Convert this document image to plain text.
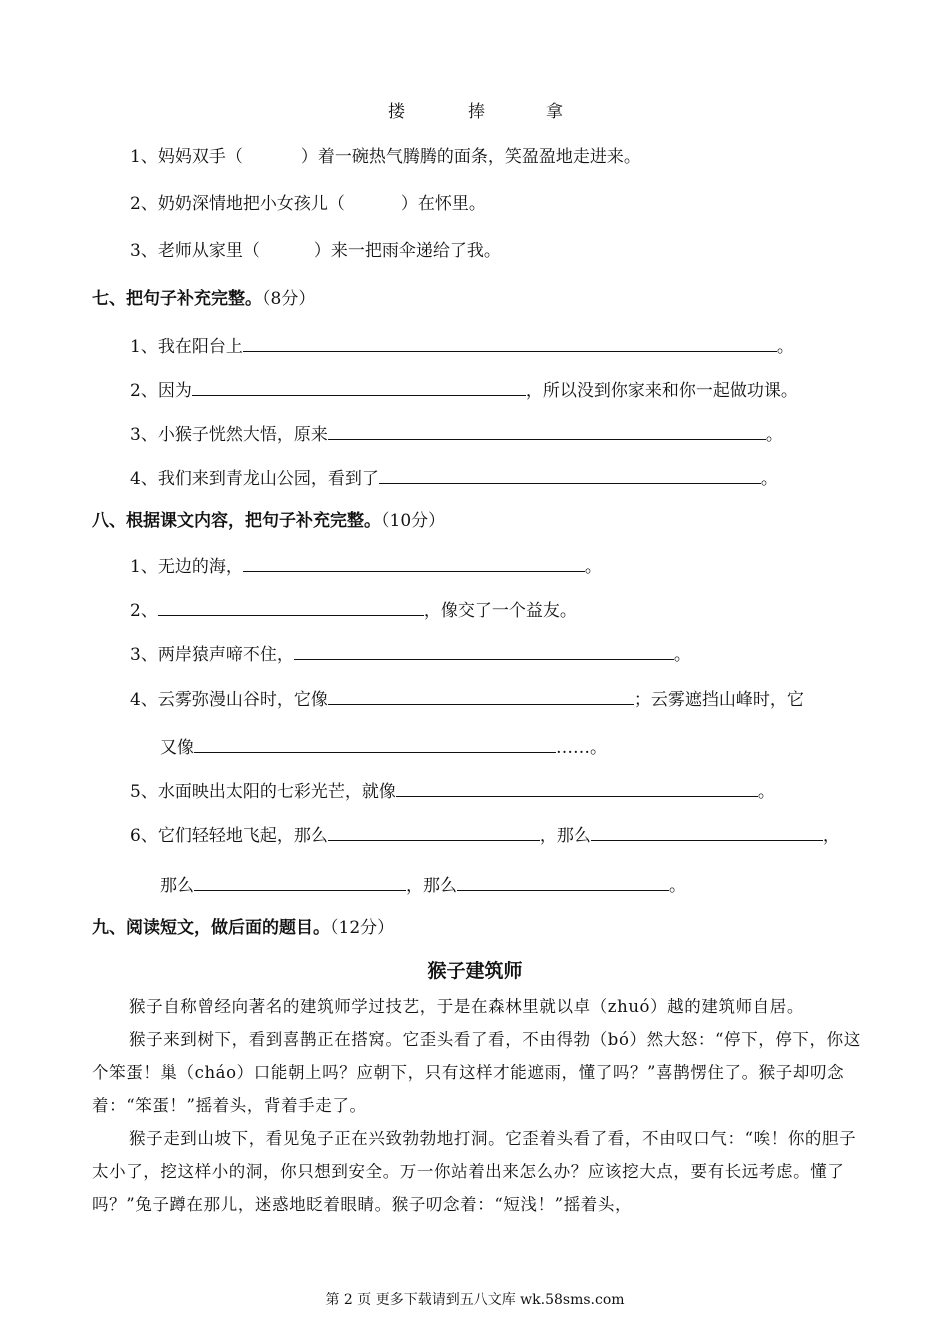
搂	捧	拿
1、妈妈双手（	）着一碗热气腾腾的面条，笑盈盈地走进来。
2、奶奶深情地把小女孩儿（	）在怀里。
3、老师从家里（	）来一把雨伞递给了我。
七、把句子补充完整。（8分）
1、我在阳台上	。
2、因为	，所以没到你家来和你一起做功课。
3、小猴子恍然大悟，原来	。
4、我们来到青龙山公园，看到了	。
八、根据课文内容，把句子补充完整。（10分）
1、无边的海，	。
2、	，像交了一个益友。
3、两岸猿声啼不住，	。
4、云雾弥漫山谷时，它像	；云雾遮挡山峰时，它
又像	……。
5、水面映出太阳的七彩光芒，就像	。
6、它们轻轻地飞起，那么	，那么	，
那么	，那么	。
九、阅读短文，做后面的题目。（12分）
猴子建筑师

猴子自称曾经向著名的建筑师学过技艺，于是在森林里就以卓（zhuó）越的建筑师自居。

猴子来到树下，看到喜鹊正在搭窝。它歪头看了看，不由得勃（bó）然大怒：“停下，停下，你这个笨蛋！巢（cháo）口能朝上吗？应朝下，只有这样才能遮雨，懂了吗？”喜鹊愣住了。猴子却叨念着：“笨蛋！”摇着头，背着手走了。

猴子走到山坡下，看见兔子正在兴致勃勃地打洞。它歪着头看了看，不由叹口气：“唉！你的胆子太小了，挖这样小的洞，你只想到安全。万一你站着出来怎么办？应该挖大点，要有长远考虑。懂了吗？”兔子蹲在那儿，迷惑地眨着眼睛。猴子叨念着：“短浅！”摇着头，

第 2 页 更多下载请到五八文库 wk.58sms.com
